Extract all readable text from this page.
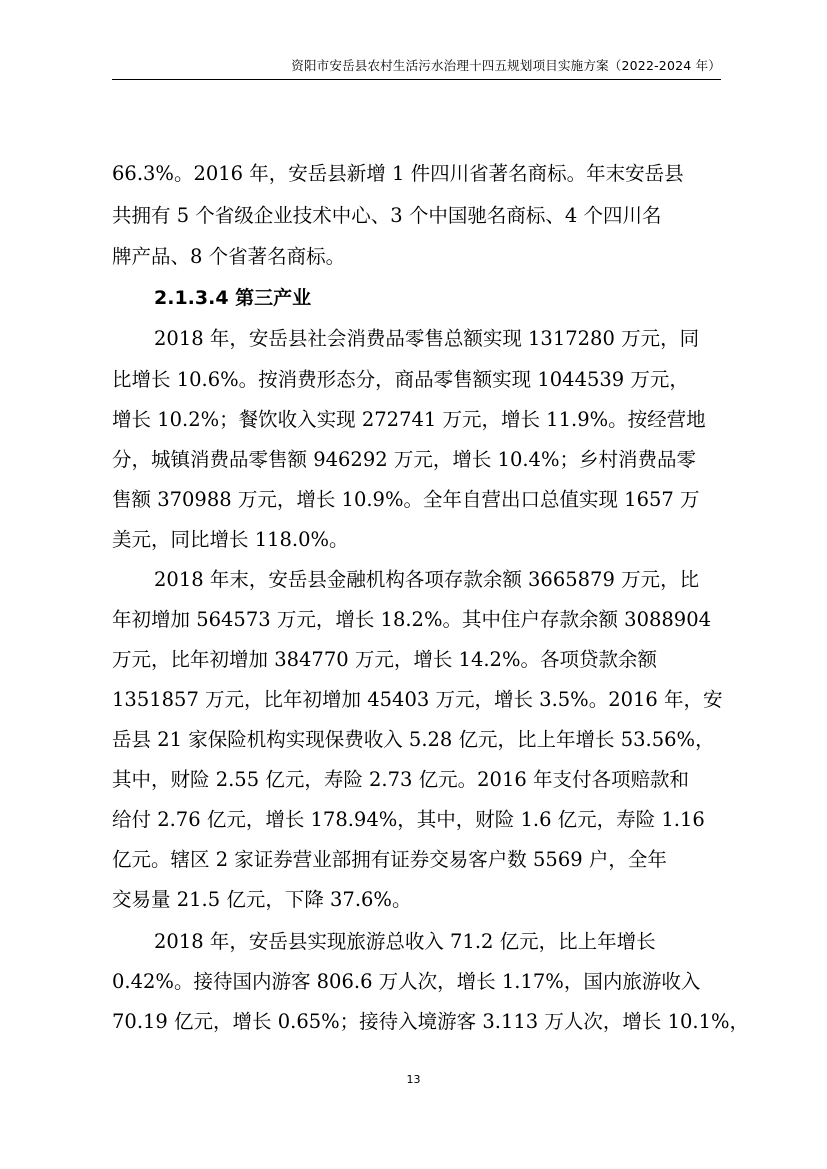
资阳市安岳县农村生活污水治理十四五规划项目实施方案（2022-2024 年）
66.3%。2016 年，安岳县新增 1 件四川省著名商标。年末安岳县
共拥有 5 个省级企业技术中心、3 个中国驰名商标、4 个四川名
牌产品、8 个省著名商标。
2.1.3.4 第三产业
2018 年，安岳县社会消费品零售总额实现 1317280 万元，同
比增长 10.6%。按消费形态分，商品零售额实现 1044539 万元，
增长 10.2%；餐饮收入实现 272741 万元，增长 11.9%。按经营地
分，城镇消费品零售额 946292 万元，增长 10.4%；乡村消费品零
售额 370988 万元，增长 10.9%。全年自营出口总值实现 1657 万
美元，同比增长 118.0%。
2018 年末，安岳县金融机构各项存款余额 3665879 万元，比
年初增加 564573 万元，增长 18.2%。其中住户存款余额 3088904
万元，比年初增加 384770 万元，增长 14.2%。各项贷款余额
1351857 万元，比年初增加 45403 万元，增长 3.5%。2016 年，安
岳县 21 家保险机构实现保费收入 5.28 亿元，比上年增长 53.56%，
其中，财险 2.55 亿元，寿险 2.73 亿元。2016 年支付各项赔款和
给付 2.76 亿元，增长 178.94%，其中，财险 1.6 亿元，寿险 1.16
亿元。辖区 2 家证券营业部拥有证券交易客户数 5569 户，全年
交易量 21.5 亿元，下降 37.6%。
2018 年，安岳县实现旅游总收入 71.2 亿元，比上年增长
0.42%。接待国内游客 806.6 万人次，增长 1.17%，国内旅游收入
70.19 亿元，增长 0.65%；接待入境游客 3.113 万人次，增长 10.1%，
13
